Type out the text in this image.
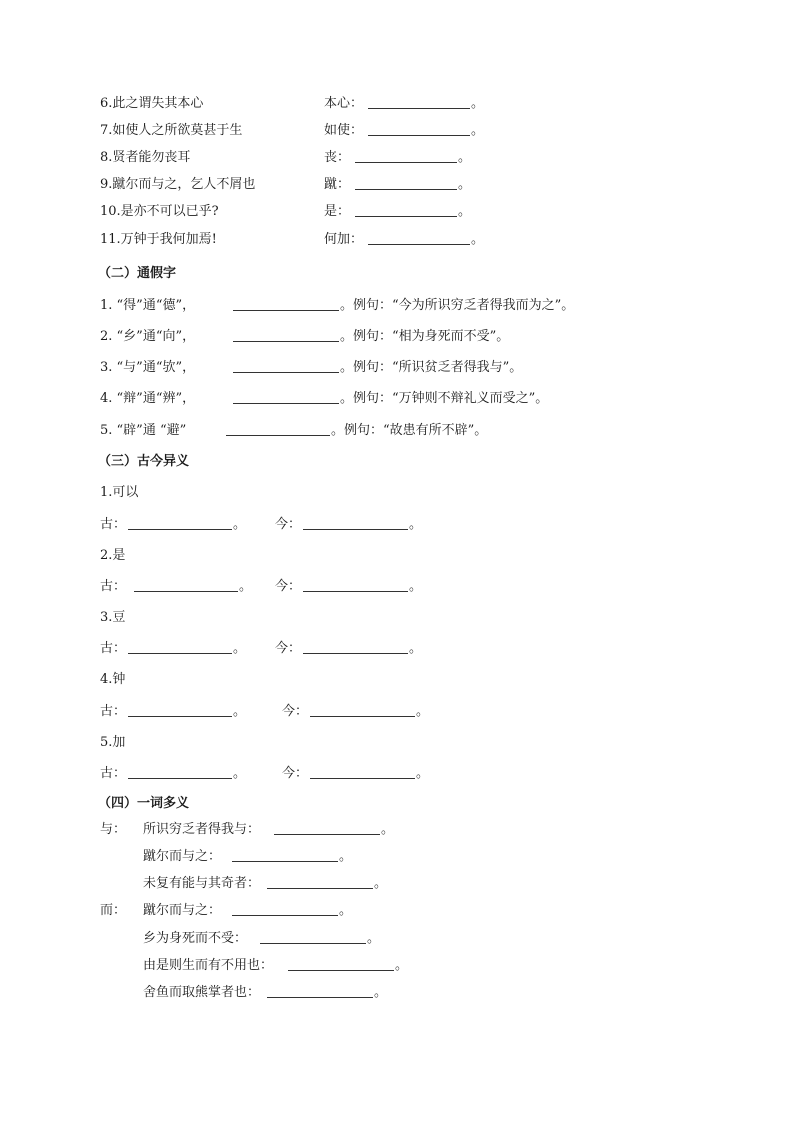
6.此之谓失其本心	本心：	。
7.如使人之所欲莫甚于生	如使：	。
8.贤者能勿丧耳	丧：	。
9.蹴尔而与之，乞人不屑也	蹴：	。
10.是亦不可以已乎?	是：	。
11.万钟于我何加焉!	何加：	。
（二）通假字
1. “得”通“德”，	。例句：“今为所识穷乏者得我而为之”。
2. “乡”通“向”，	。例句：“相为身死而不受”。
3. “与”通“欤”，	。例句：“所识贫乏者得我与”。
4. “辩”通“辨”，	。例句：“万钟则不辩礼义而受之”。
5. “辟”通 “避”	。例句：“故患有所不辟”。
（三）古今异义
1.可以
古：	。 今：	。
2.是
古：	。 今：	。
3.豆
古：	。 今：	。
4.钟
古：	。	今：	。
5.加
古：	。	今：	。
（四）一词多义
与： 所识穷乏者得我与：	。
蹴尔而与之：	。
未复有能与其奇者：	。
而： 蹴尔而与之：	。
乡为身死而不受：	。
由是则生而有不用也：	。
舍鱼而取熊掌者也：	。
